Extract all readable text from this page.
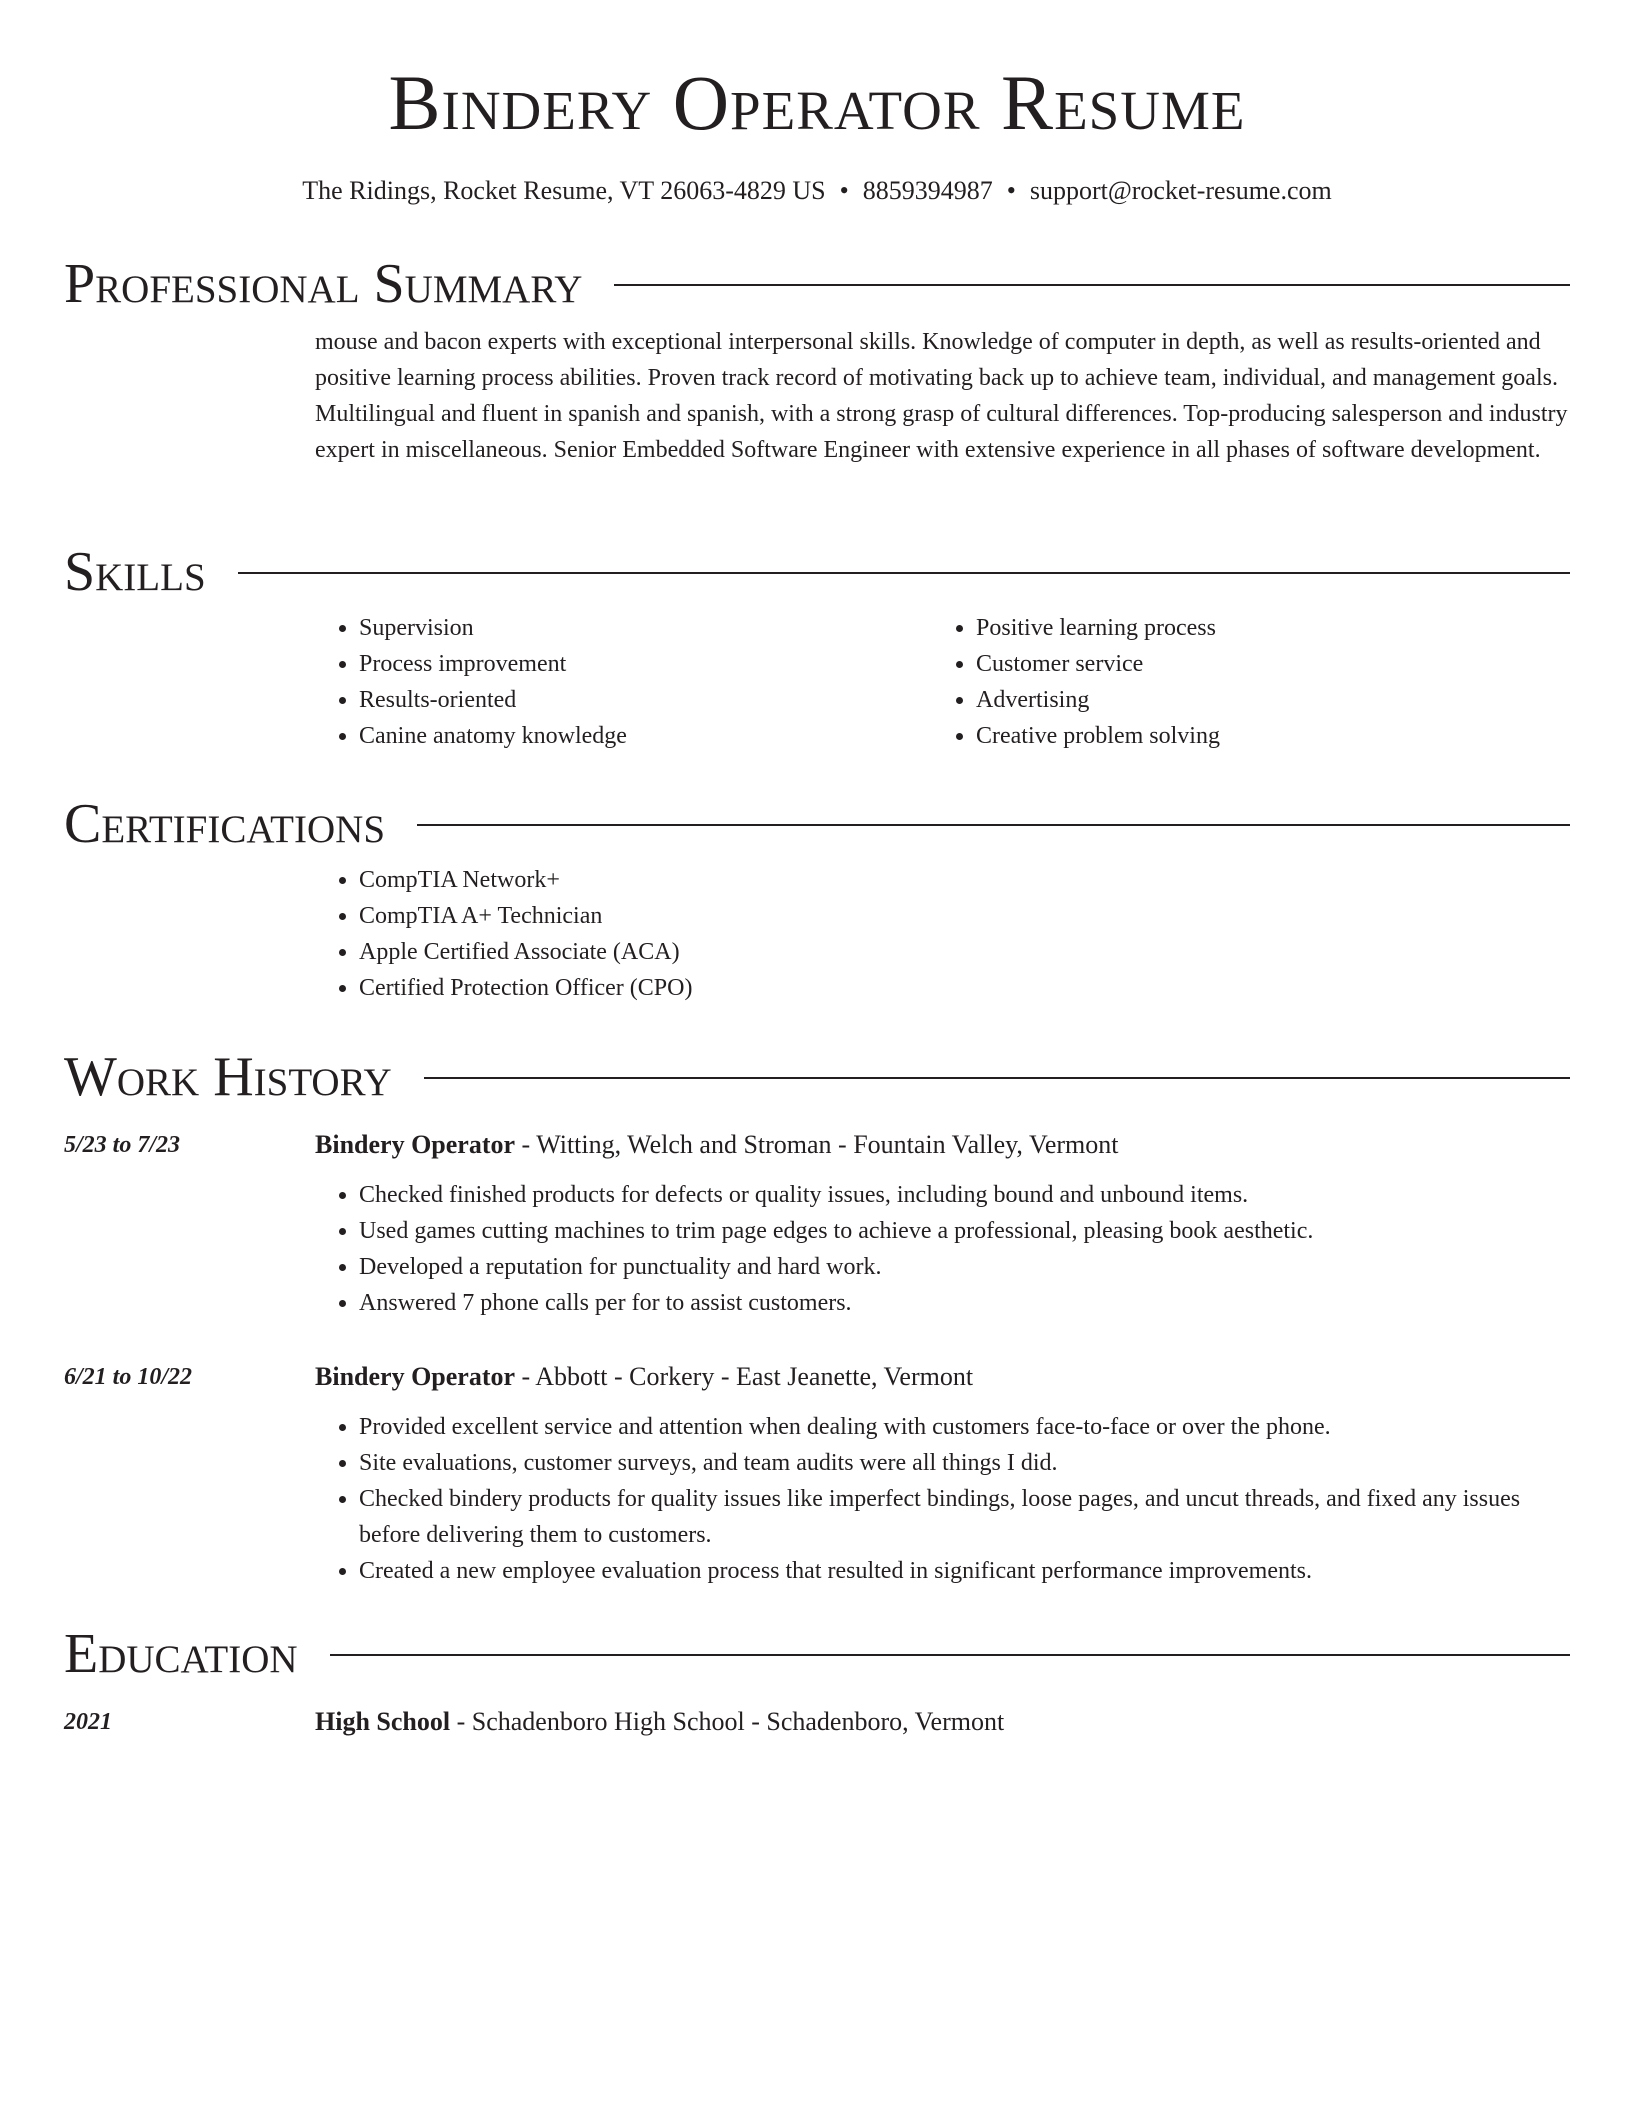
Bindery Operator Resume
The Ridings, Rocket Resume, VT 26063-4829 US • 8859394987 • support@rocket-resume.com
Professional Summary

mouse and bacon experts with exceptional interpersonal skills. Knowledge of computer in depth, as well as results-oriented and positive learning process abilities. Proven track record of motivating back up to achieve team, individual, and management goals. Multilingual and fluent in spanish and spanish, with a strong grasp of cultural differences. Top-producing salesperson and industry expert in miscellaneous. Senior Embedded Software Engineer with extensive experience in all phases of software development.

Skills
• Supervision
• Process improvement
• Results-oriented
• Canine anatomy knowledge
• Positive learning process
• Customer service
• Advertising
• Creative problem solving
Certifications
• CompTIA Network+
• CompTIA A+ Technician
• Apple Certified Associate (ACA)
• Certified Protection Officer (CPO)
Work History
5/23 to 7/23	Bindery Operator - Witting, Welch and Stroman - Fountain Valley, Vermont
• Checked finished products for defects or quality issues, including bound and unbound items.
• Used games cutting machines to trim page edges to achieve a professional, pleasing book aesthetic.
• Developed a reputation for punctuality and hard work.
• Answered 7 phone calls per for to assist customers.
6/21 to 10/22	Bindery Operator - Abbott - Corkery - East Jeanette, Vermont
• Provided excellent service and attention when dealing with customers face-to-face or over the phone.
• Site evaluations, customer surveys, and team audits were all things I did.
• Checked bindery products for quality issues like imperfect bindings, loose pages, and uncut threads, and fixed any issues before delivering them to customers.
• Created a new employee evaluation process that resulted in significant performance improvements.
Education
2021	High School - Schadenboro High School - Schadenboro, Vermont
